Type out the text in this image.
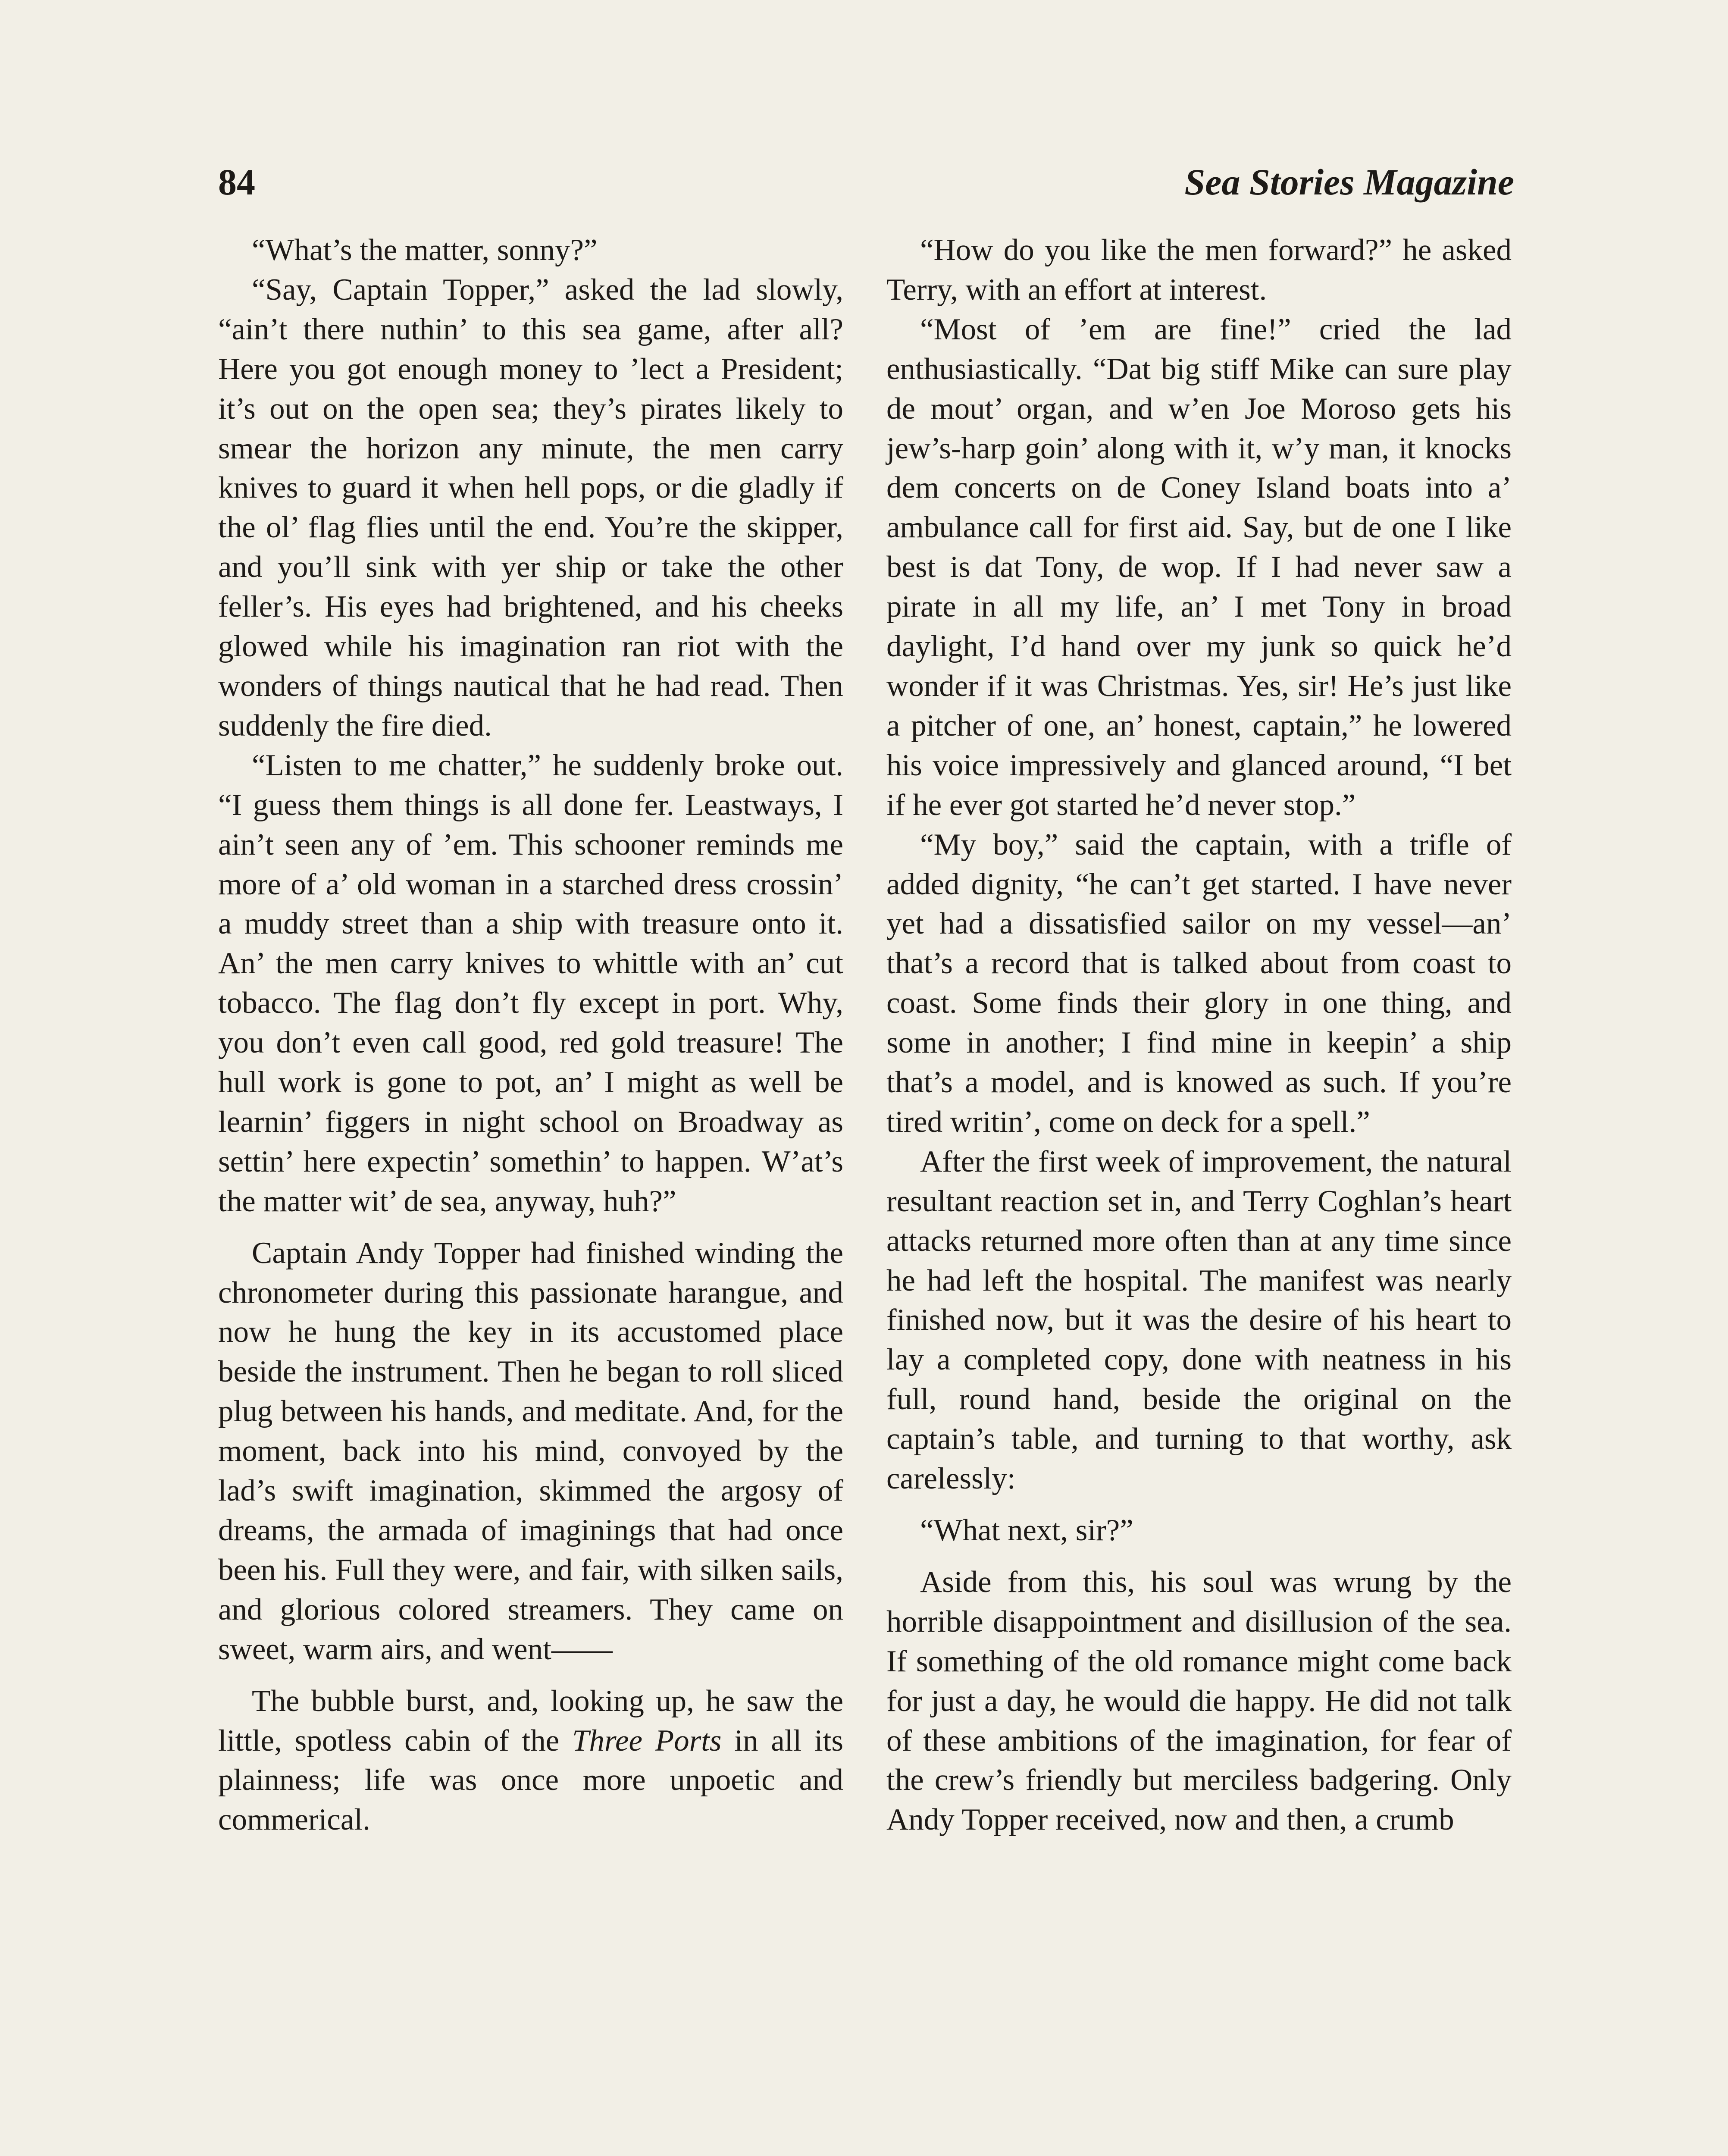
84	Sea Stories Magazine

“What’s the matter, sonny?”

“Say, Captain Topper,” asked the lad slowly, “ain’t there nuthin’ to this sea game, after all? Here you got enough money to ’lect a President; it’s out on the open sea; they’s pirates likely to smear the horizon any minute, the men carry knives to guard it when hell pops, or die gladly if the ol’ flag flies until the end. You’re the skipper, and you’ll sink with yer ship or take the other feller’s. His eyes had brightened, and his cheeks glowed while his imagination ran riot with the wonders of things nautical that he had read. Then suddenly the fire died.

“Listen to me chatter,” he suddenly broke out. “I guess them things is all done fer. Leastways, I ain’t seen any of ’em. This schooner reminds me more of a’ old woman in a starched dress crossin’ a muddy street than a ship with treasure onto it. An’ the men carry knives to whittle with an’ cut tobacco. The flag don’t fly except in port. Why, you don’t even call good, red gold treasure! The hull work is gone to pot, an’ I might as well be learnin’ figgers in night school on Broadway as settin’ here expectin’ somethin’ to happen. W’at’s the matter wit’ de sea, anyway, huh?”

Captain Andy Topper had finished winding the chronometer during this passionate harangue, and now he hung the key in its accustomed place beside the instrument. Then he began to roll sliced plug between his hands, and meditate. And, for the moment, back into his mind, convoyed by the lad’s swift imagination, skimmed the argosy of dreams, the armada of imaginings that had once been his. Full they were, and fair, with silken sails, and glorious colored streamers. They came on sweet, warm airs, and went——

The bubble burst, and, looking up, he saw the little, spotless cabin of the Three Ports in all its plainness; life was once more unpoetic and commerical.

“How do you like the men forward?” he asked Terry, with an effort at interest.

“Most of ’em are fine!” cried the lad enthusiastically. “Dat big stiff Mike can sure play de mout’ organ, and w’en Joe Moroso gets his jew’s-harp goin’ along with it, w’y man, it knocks dem concerts on de Coney Island boats into a’ ambulance call for first aid. Say, but de one I like best is dat Tony, de wop. If I had never saw a pirate in all my life, an’ I met Tony in broad daylight, I’d hand over my junk so quick he’d wonder if it was Christmas. Yes, sir! He’s just like a pitcher of one, an’ honest, captain,” he lowered his voice impressively and glanced around, “I bet if he ever got started he’d never stop.”

“My boy,” said the captain, with a trifle of added dignity, “he can’t get started. I have never yet had a dissatisfied sailor on my vessel—an’ that’s a record that is talked about from coast to coast. Some finds their glory in one thing, and some in another; I find mine in keepin’ a ship that’s a model, and is knowed as such. If you’re tired writin’, come on deck for a spell.”

After the first week of improvement, the natural resultant reaction set in, and Terry Coghlan’s heart attacks returned more often than at any time since he had left the hospital. The manifest was nearly finished now, but it was the desire of his heart to lay a completed copy, done with neatness in his full, round hand, beside the original on the captain’s table, and turning to that worthy, ask carelessly:

“What next, sir?”

Aside from this, his soul was wrung by the horrible disappointment and disillusion of the sea. If something of the old romance might come back for just a day, he would die happy. He did not talk of these ambitions of the imagination, for fear of the crew’s friendly but merciless badgering. Only Andy Topper received, now and then, a crumb
